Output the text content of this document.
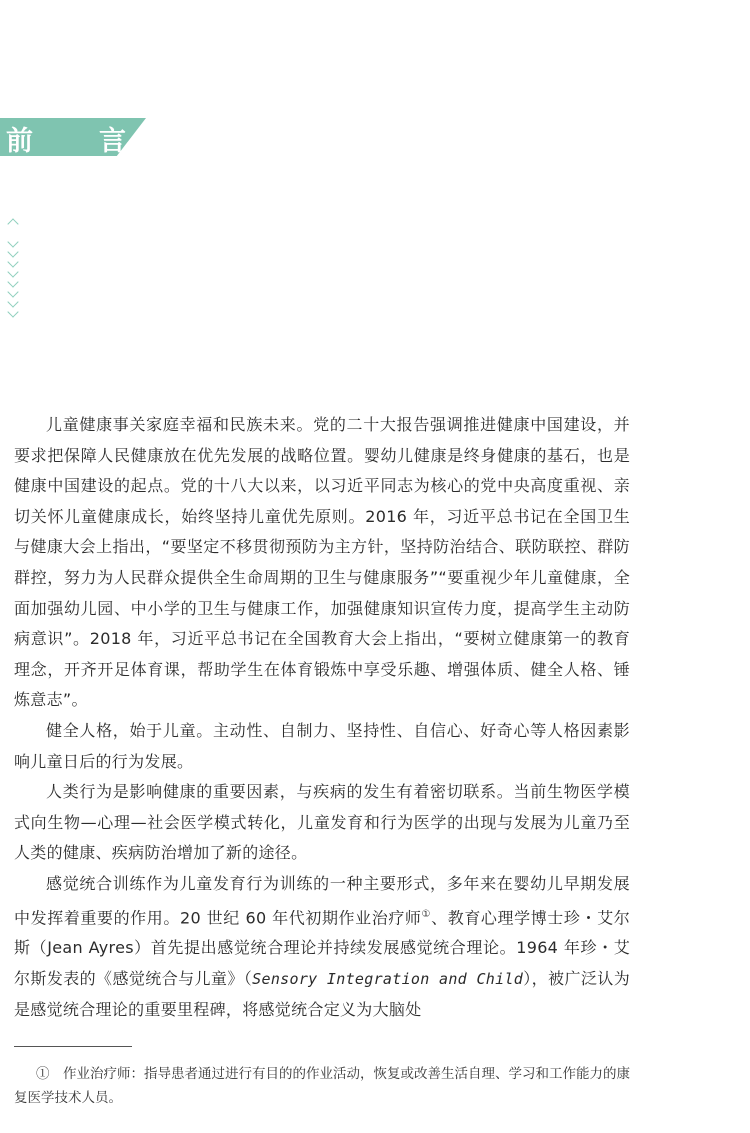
前 言

儿童健康事关家庭幸福和民族未来。党的二十大报告强调推进健康中国建设，并要求把保障人民健康放在优先发展的战略位置。婴幼儿健康是终身健康的基石，也是健康中国建设的起点。党的十八大以来，以习近平同志为核心的党中央高度重视、亲切关怀儿童健康成长，始终坚持儿童优先原则。2016 年，习近平总书记在全国卫生与健康大会上指出，“要坚定不移贯彻预防为主方针，坚持防治结合、联防联控、群防群控，努力为人民群众提供全生命周期的卫生与健康服务”“要重视少年儿童健康，全面加强幼儿园、中小学的卫生与健康工作，加强健康知识宣传力度，提高学生主动防病意识”。2018 年，习近平总书记在全国教育大会上指出，“要树立健康第一的教育理念，开齐开足体育课，帮助学生在体育锻炼中享受乐趣、增强体质、健全人格、锤炼意志”。

健全人格，始于儿童。主动性、自制力、坚持性、自信心、好奇心等人格因素影响儿童日后的行为发展。

人类行为是影响健康的重要因素，与疾病的发生有着密切联系。当前生物医学模式向生物—心理—社会医学模式转化，儿童发育和行为医学的出现与发展为儿童乃至人类的健康、疾病防治增加了新的途径。

感觉统合训练作为儿童发育行为训练的一种主要形式，多年来在婴幼儿早期发展中发挥着重要的作用。20 世纪 60 年代初期作业治疗师①、教育心理学博士珍・艾尔斯（Jean Ayres）首先提出感觉统合理论并持续发展感觉统合理论。1964 年珍・艾尔斯发表的《感觉统合与儿童》（Sensory Integration and Child），被广泛认为是感觉统合理论的重要里程碑，将感觉统合定义为大脑处

①　作业治疗师：指导患者通过进行有目的的作业活动，恢复或改善生活自理、学习和工作能力的康复医学技术人员。
